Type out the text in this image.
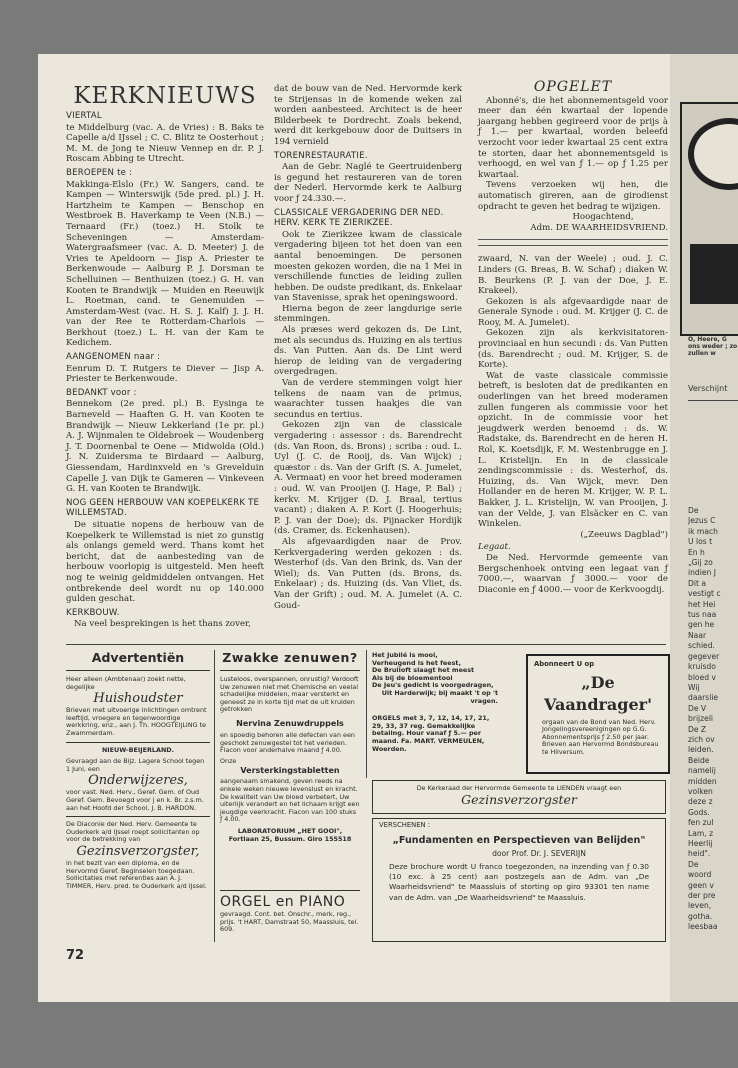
O, Heere, G ons weder ; zo zullen w
Verschijnt
De
Jezus C
ik mach
U los t
En h
„Gij zo
indien J
Dit a
vestigt c
het Hei
tus naa
gen he
Naar
schied.
gegever
kruisdo
bloed v
Wij
daarslie
De V
brijzeli
De Z
zich ov
leiden.
Beide
namelij
midden
volken
deze z
Gods.
fen zul
Lam, z
Heerlij
heid".
De
woord
geen v
der pre
leven,
gotha.
leesbaa
KERKNIEUWS
VIERTAL

te Middelburg (vac. A. de Vries) : B. Baks te Capelle a/d IJssel ; C. C. Blitz te Oosterhout ; M. M. de Jong te Nieuw Vennep en dr. P. J. Roscam Abbing te Utrecht.

BEROEPEN te :

Makkinga-Elslo (Fr.) W. Sangers, cand. te Kampen — Winterswijk (5de pred. pl.) J. H. Hartzheim te Kampen — Benschop en Westbroek B. Haverkamp te Veen (N.B.) — Ternaard (Fr.) (toez.) H. Stolk te Scheveningen — Amsterdam-Watergraafsmeer (vac. A. D. Meeter) J. de Vries te Apeldoorn — Jisp A. Priester te Berkenwoude — Aalburg P. J. Dorsman te Schelluinen — Benthuizen (toez.) G. H. van Kooten te Brandwijk — Muiden en Reeuwijk L. Roetman, cand. te Genemuiden — Amsterdam-West (vac. H. S. J. Kalf) J. J. H. van der Ree te Rotterdam-Charlois — Berkhout (toez.) L. H. van der Kam te Kedichem.

AANGENOMEN naar :

Eenrum D. T. Rutgers te Diever — Jisp A. Priester te Berkenwoude.

BEDANKT voor :

Bennekom (2e pred. pl.) B. Eysinga te Barneveld — Haaften G. H. van Kooten te Brandwijk — Nieuw Lekkerland (1e pr. pl.) A. J. Wijnmalen te Oldebroek — Woudenberg J. T. Doornenbal te Oene — Midwolda (Old.) J. N. Zuidersma te Birdaard — Aalburg, Giessendam, Hardinxveld en 's Grevelduin Capelle J. van Dijk te Gameren — Vinkeveen G. H. van Kooten te Brandwijk.

NOG GEEN HERBOUW VAN KOEPELKERK TE WILLEMSTAD.

De situatie nopens de herbouw van de Koepelkerk te Willemstad is niet zo gunstig als onlangs gemeld werd. Thans komt het bericht, dat de aanbesteding van de herbouw voorlopig is uitgesteld. Men heeft nog te weinig geldmiddelen ontvangen. Het ontbrekende deel wordt nu op 140.000 gulden geschat.

KERKBOUW.

Na veel besprekingen is het thans zover,

dat de bouw van de Ned. Hervormde kerk te Strijensas in de komende weken zal worden aanbesteed. Architect is de heer Bilderbeek te Dordrecht. Zoals bekend, werd dit kerkgebouw door de Duitsers in 194 vernield

TORENRESTAURATIE.

Aan de Gebr. Naglé te Geertruidenberg is gegund het restaureren van de toren der Nederl. Hervormde kerk te Aalburg voor ƒ 24.330.—.

CLASSICALE VERGADERING DER NED. HERV. KERK TE ZIERIKZEE.

Ook te Zierikzee kwam de classicale vergadering bijeen tot het doen van een aantal benoemingen. De personen moesten gekozen worden, die na 1 Mei in verschillende functies de leiding zullen hebben. De oudste predikant, ds. Enkelaar van Stavenisse, sprak het openingswoord.

Hierna begon de zeer langdurige serie stemmingen.

Als præses werd gekozen ds. De Lint, met als secundus ds. Huizing en als tertius ds. Van Putten. Aan ds. De Lint werd hierop de leiding van de vergadering overgedragen.

Van de verdere stemmingen volgt hier telkens de naam van de primus, waarachter tussen haakjes die van secundus en tertius.

Gekozen zijn van de classicale vergadering : assessor : ds. Barendrecht (ds. Van Roon, ds. Brons) ; scriba : oud. L. Uyl (J. C. de Rooij, ds. Van Wijck) ; quæstor : ds. Van der Grift (S. A. Jumelet, A. Vermaat) en voor het breed moderamen : oud. W. van Prooijen (J. Hage, P. Bal) ; kerkv. M. Krijger (D. J. Braal, tertius vacant) ; diaken A. P. Kort (J. Hoogerhuis; P. J. van der Doe); ds. Pijnacker Hordijk (ds. Cramer, ds. Eckenhausen).

Als afgevaardigden naar de Prov. Kerkvergadering werden gekozen : ds. Westerhof (ds. Van den Brink, ds. Van der Wiel); ds. Van Putten (ds. Brons, ds. Enkelaar) ; ds. Huizing (ds. Van Vliet, ds. Van der Grift) ; oud. M. A. Jumelet (A. C. Goud-

OPGELET

Abonné's, die het abonnementsgeld voor meer dan één kwartaal der lopende jaargang hebben gegireerd voor de prijs à ƒ 1.— per kwartaal, worden beleefd verzocht voor ieder kwartaal 25 cent extra te storten, daar het abonnementsgeld is verhoogd, en wel van ƒ 1.— op ƒ 1.25 per kwartaal.

Tevens verzoeken wij hen, die automatisch gireren, aan de girodienst opdracht te geven het bedrag te wijzigen.

Hoogachtend,
Adm. DE WAARHEIDSVRIEND.

zwaard, N. van der Weele) ; oud. J. C. Linders (G. Breas, B. W. Schaf) ; diaken W. B. Beurkens (P. J. van der Doe, J. E. Krakeel).

Gekozen is als afgevaardigde naar de Generale Synode : oud. M. Krijger (J. C. de Rooy, M. A. Jumelet).

Gekozen zijn als kerkvisitatoren-provinciaal en hun secundi : ds. Van Putten (ds. Barendrecht ; oud. M. Krijger, S. de Korte).

Wat de vaste classicale commissie betreft, is besloten dat de predikanten en ouderlingen van het breed moderamen zullen fungeren als commissie voor het opzicht. In de commissie voor het jeugdwerk werden benoemd : ds. W. Radstake, ds. Barendrecht en de heren H. Rol, K. Koetsdijk, F. M. Westenbrugge en J. L. Kristelijn. En in de classicale zendingscommissie : ds. Westerhof, ds. Huizing, ds. Van Wijck, mevr. Den Hollander en de heren M. Krijger, W. P. L. Bakker, J. L. Kristelijn, W. van Prooijen, J. van der Velde, J. van Elsäcker en C. van Winkelen.

(„Zeeuws Dagblad")
Legaat.

De Ned. Hervormde gemeente van Bergschenhoek ontving een legaat van ƒ 7000.—, waarvan ƒ 3000.— voor de Diaconie en ƒ 4000.— voor de Kerkvoogdij.

Advertentiën
Heer alleen (Ambtenaar) zoekt nette, degelijke
Huishoudster
Brieven met uitvoerige inlichtingen omtrent leeftijd, vroegere en tegenwoordige werkkring, enz., aan J. Th. HOOGTEIJLING te Zwammerdam.
NIEUW-BEIJERLAND.
Gevraagd aan de Bijz. Lagere School tegen 1 Juni, een
Onderwijzeres,
voor vast. Ned. Herv., Geref. Gem. of Oud Geref. Gem. Bevoegd voor j en k. Br. z.s.m. aan het Hoofd der School, J. B. HARDON.
De Diaconie der Ned. Herv. Gemeente te Ouderkerk a/d IJssel roept sollicitanten op voor de betrekking van
Gezinsverzorgster,
in het bezit van een diploma, en de Hervormd Geref. Beginselen toegedaan. Sollicitaties met referenties aan A. J. TIMMER, Herv. pred. te Ouderkerk a/d IJssel.
72
Zwakke zenuwen?
Lusteloos, overspannen, onrustig? Verdooft Uw zenuwen niet met Chemische en veelal schadelijke middelen, maar versterkt en geneest ze in korte tijd met de uit kruiden getrokken
Nervina Zenuwdruppels
en spoedig behoren alle defecten van een geschokt zenuwgestel tot het verleden. Flacon voor anderhalve maand ƒ 4.00.
Onze
Versterkingstabletten
aangenaam smakend, geven reeds na enkele weken nieuwe levenslust en kracht. De kwaliteit van Uw bloed verbetert, Uw uiterlijk verandert en het lichaam krijgt een jeugdige veerkracht. Flacon van 100 stuks ƒ 4.00.
LABORATORIUM „HET GOOI",
Fortlaan 25, Bussum. Giro 155518
ORGEL en PIANO
gevraagd. Cont. bet. Onschr., merk, reg., prijs. 't HART, Damstraat 50, Maassluis, tel. 609.
Het Jubilé is mooi,
Verheugend is het feest,
De Bruiloft slaagt het meest
Als bij de bloementooi
De Jeu's gedicht is voorgedragen,
Uit Harderwijk; bij maakt 't op 't vragen.
ORGELS met 3, 7, 12, 14, 17, 21, 29, 33, 37 reg. Gemakkelijke betaling. Hour vanaf ƒ 5.— per maand. Fa. MART. VERMEULEN, Woerden.
Abonneert U op
„De Vaandrager'
orgaan van de Bond van Ned. Herv. Jongelingsvereenigingen op G.G.
Abonnementsprijs ƒ 2.50 per jaar.
Brieven aan Hervormd Bondsbureau te Hilversum.
De Kerkeraad der Hervormde Gemeente te LIENDEN vraagt een
Gezinsverzorgster
VERSCHENEN :
„Fundamenten en Perspectieven van Belijden"
door Prof. Dr. J. SEVERIJN
Deze brochure wordt U franco toegezonden, na inzending van ƒ 0.30 (10 exc. à 25 cent) aan postzegels aan de Adm. van „De Waarheidsvriend" te Maassluis of storting op giro 93301 ten name van de Adm. van „De Waarheidsvriend" te Maassluis.
